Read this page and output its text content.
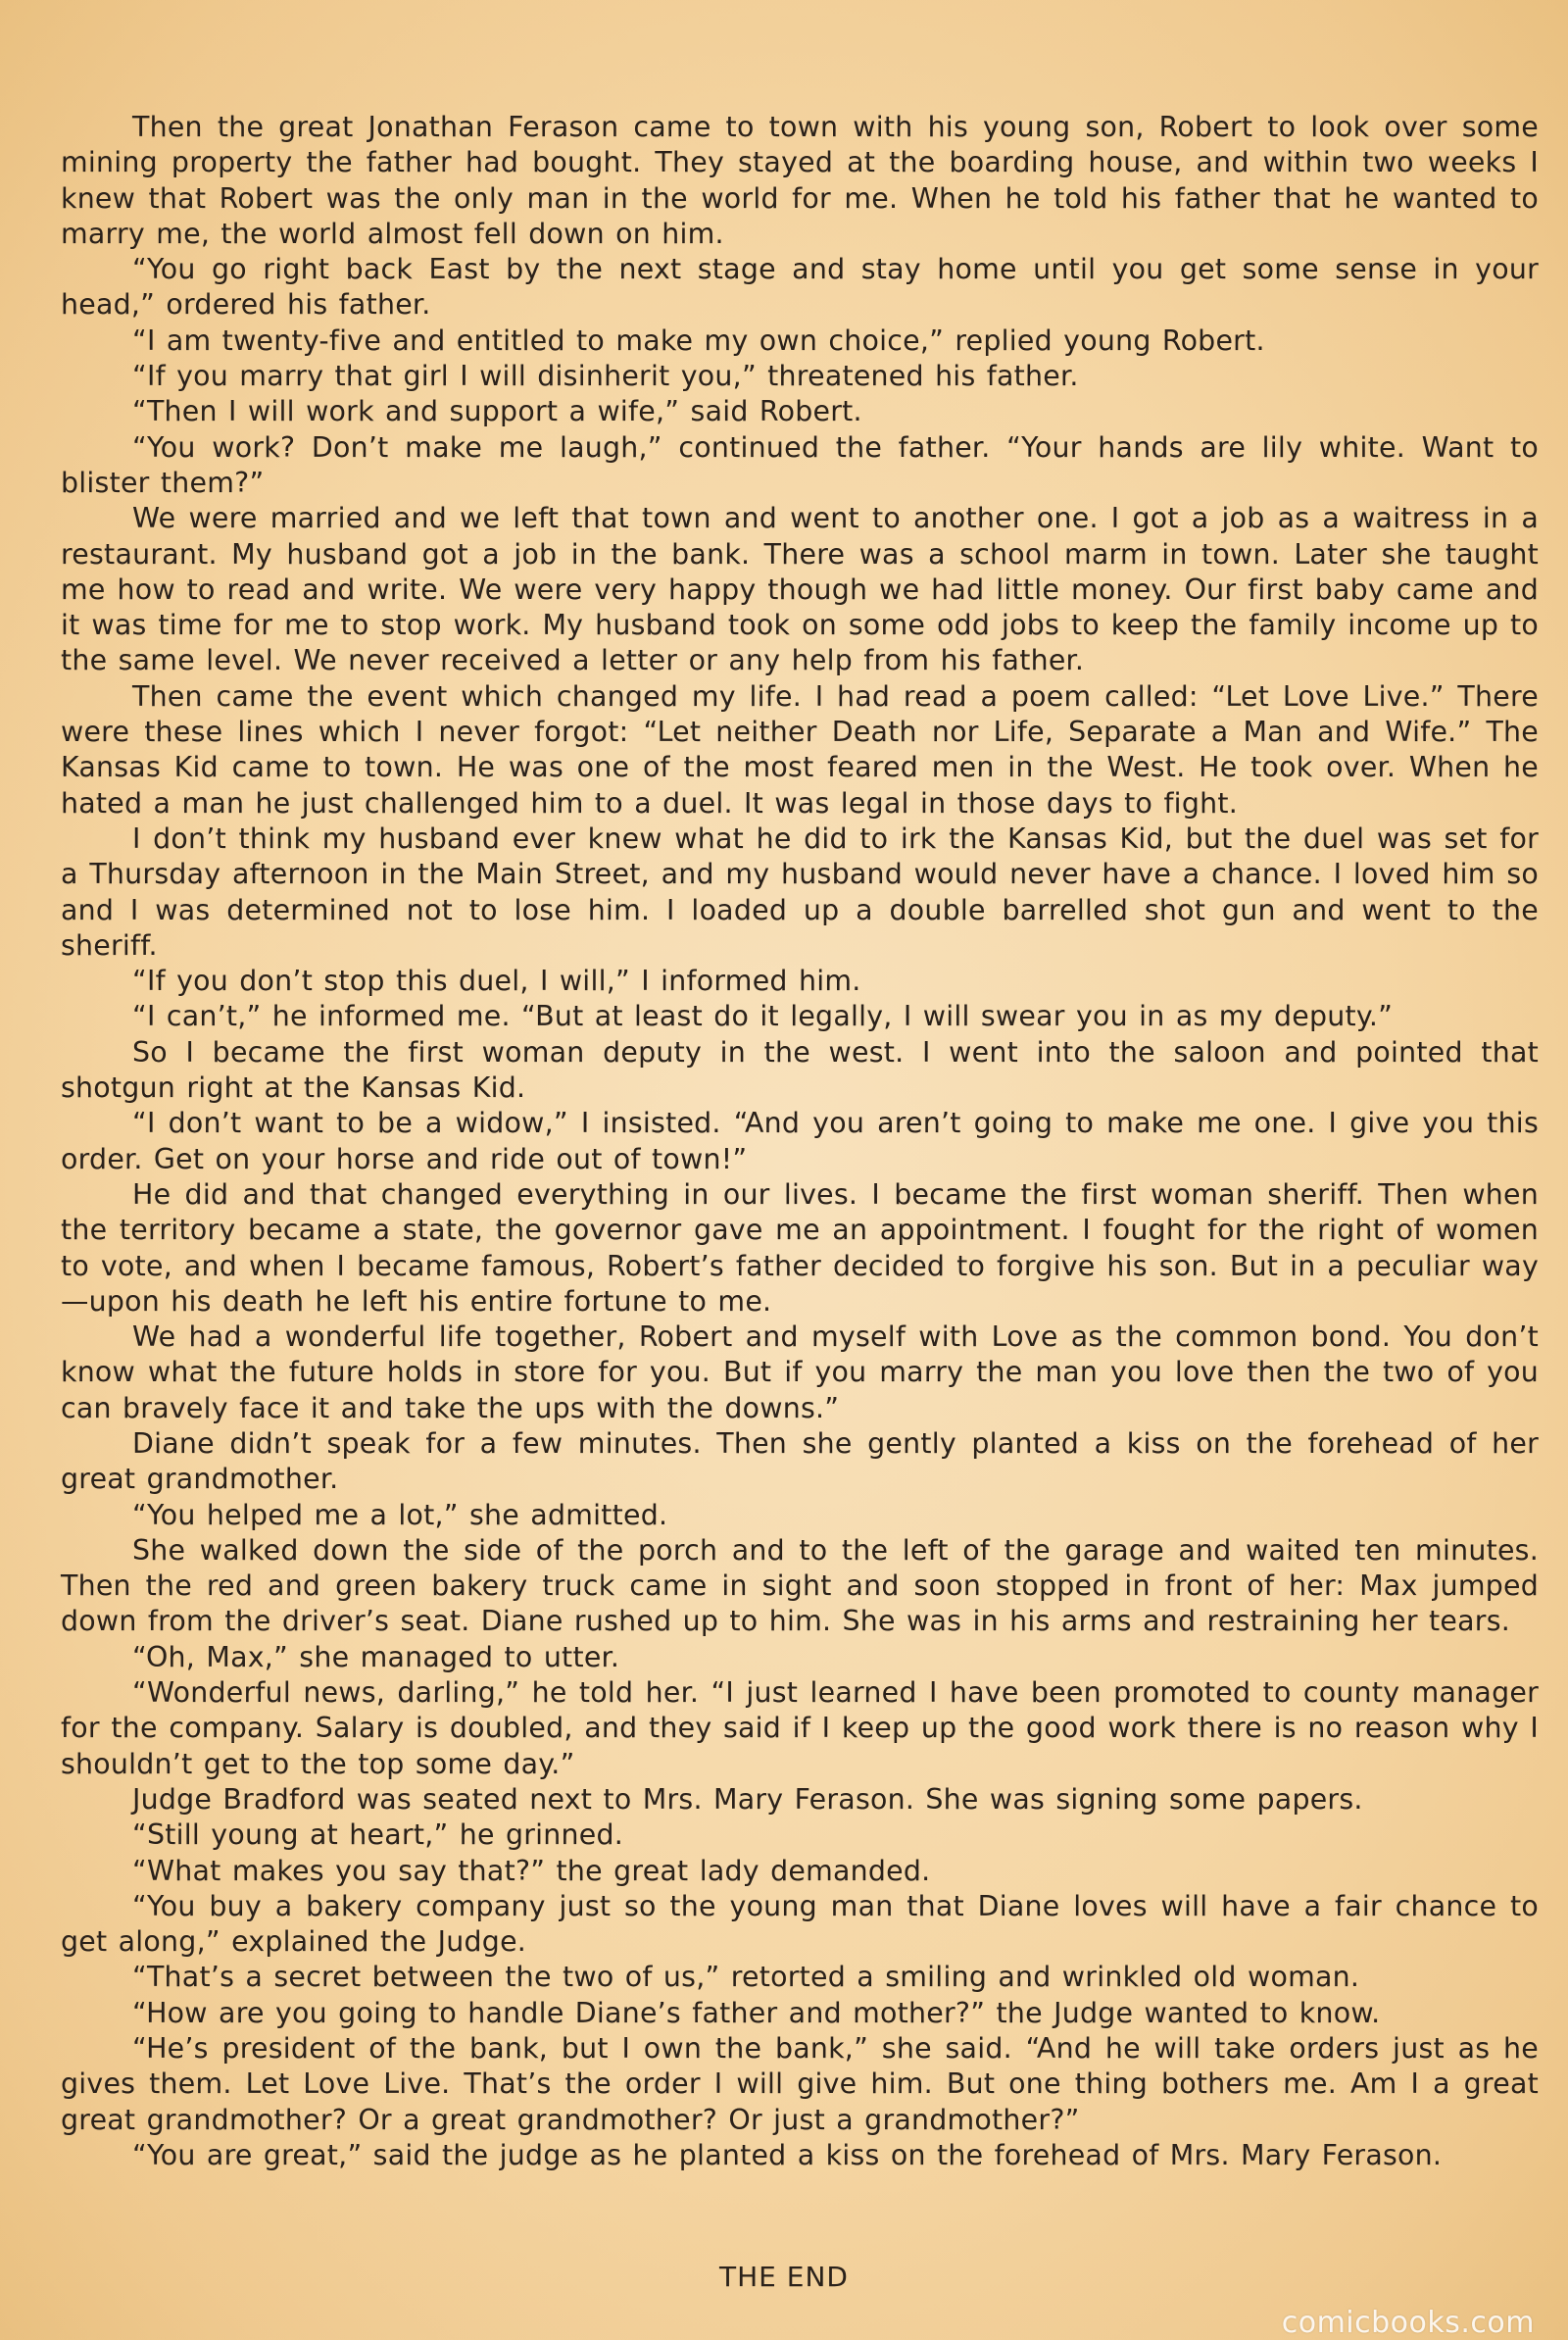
Then the great Jonathan Ferason came to town with his young son, Robert to look over some mining property the father had bought. They stayed at the boarding house, and within two weeks I knew that Robert was the only man in the world for me. When he told his father that he wanted to marry me, the world almost fell down on him.

“You go right back East by the next stage and stay home until you get some sense in your head,” ordered his father.

“I am twenty-five and entitled to make my own choice,” replied young Robert.

“If you marry that girl I will disinherit you,” threatened his father.

“Then I will work and support a wife,” said Robert.

“You work? Don’t make me laugh,” continued the father. “Your hands are lily white. Want to blister them?”

We were married and we left that town and went to another one. I got a job as a waitress in a restaurant. My husband got a job in the bank. There was a school marm in town. Later she taught me how to read and write. We were very happy though we had little money. Our first baby came and it was time for me to stop work. My husband took on some odd jobs to keep the family income up to the same level. We never received a letter or any help from his father.

Then came the event which changed my life. I had read a poem called: “Let Love Live.” There were these lines which I never forgot: “Let neither Death nor Life, Separate a Man and Wife.” The Kansas Kid came to town. He was one of the most feared men in the West. He took over. When he hated a man he just challenged him to a duel. It was legal in those days to fight.

I don’t think my husband ever knew what he did to irk the Kansas Kid, but the duel was set for a Thursday afternoon in the Main Street, and my husband would never have a chance. I loved him so and I was determined not to lose him. I loaded up a double barrelled shot gun and went to the sheriff.

“If you don’t stop this duel, I will,” I informed him.

“I can’t,” he informed me. “But at least do it legally, I will swear you in as my deputy.”

So I became the first woman deputy in the west. I went into the saloon and pointed that shotgun right at the Kansas Kid.

“I don’t want to be a widow,” I insisted. “And you aren’t going to make me one. I give you this order. Get on your horse and ride out of town!”

He did and that changed everything in our lives. I became the first woman sheriff. Then when the territory became a state, the governor gave me an appointment. I fought for the right of women to vote, and when I became famous, Robert’s father decided to forgive his son. But in a peculiar way—upon his death he left his entire fortune to me.

We had a wonderful life together, Robert and myself with Love as the common bond. You don’t know what the future holds in store for you. But if you marry the man you love then the two of you can bravely face it and take the ups with the downs.”

Diane didn’t speak for a few minutes. Then she gently planted a kiss on the forehead of her great grandmother.

“You helped me a lot,” she admitted.

She walked down the side of the porch and to the left of the garage and waited ten minutes. Then the red and green bakery truck came in sight and soon stopped in front of her: Max jumped down from the driver’s seat. Diane rushed up to him. She was in his arms and restraining her tears.

“Oh, Max,” she managed to utter.

“Wonderful news, darling,” he told her. “I just learned I have been promoted to county manager for the company. Salary is doubled, and they said if I keep up the good work there is no reason why I shouldn’t get to the top some day.”

Judge Bradford was seated next to Mrs. Mary Ferason. She was signing some papers.

“Still young at heart,” he grinned.

“What makes you say that?” the great lady demanded.

“You buy a bakery company just so the young man that Diane loves will have a fair chance to get along,” explained the Judge.

“That’s a secret between the two of us,” retorted a smiling and wrinkled old woman.

“How are you going to handle Diane’s father and mother?” the Judge wanted to know.

“He’s president of the bank, but I own the bank,” she said. “And he will take orders just as he gives them. Let Love Live. That’s the order I will give him. But one thing bothers me. Am I a great great grandmother? Or a great grandmother? Or just a grandmother?”

“You are great,” said the judge as he planted a kiss on the forehead of Mrs. Mary Ferason.

THE END
comicbooks.com
